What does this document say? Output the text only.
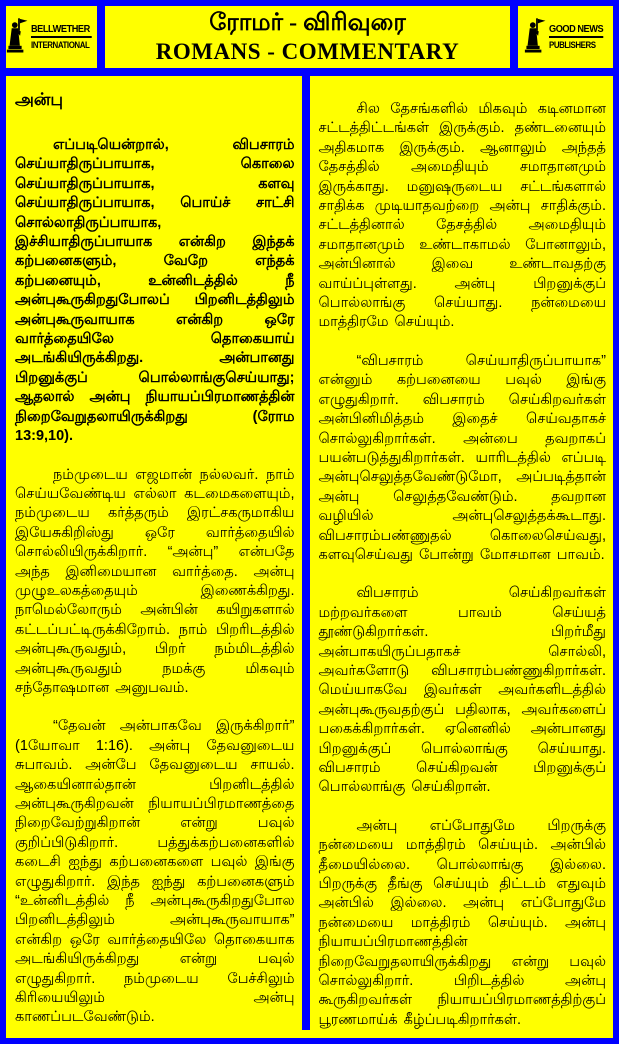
BELLWETHER
INTERNATIONAL
ரோமர் - விரிவுரை
ROMANS - COMMENTARY
GOOD NEWS
PUBLISHERS
அன்பு

எப்படியென்றால், விபசாரம் செய்யாதிருப்பாயாக, கொலை செய்யாதிருப்பாயாக, களவு செய்யாதிருப்பாயாக, பொய்ச் சாட்சி சொல்லாதிருப்பாயாக, இச்சியாதிருப்பாயாக என்கிற இந்தக் கற்பனைகளும், வேறே எந்தக் கற்பனையும், உன்னிடத்தில் நீ அன்புகூருகிறதுபோலப் பிறனிடத்திலும் அன்புகூருவாயாக என்கிற ஒரே வார்த்தையிலே தொகையாய் அடங்கியிருக்கிறது. அன்பானது பிறனுக்குப் பொல்லாங்குசெய்யாது; ஆதலால் அன்பு நியாயப்பிரமாணத்தின் நிறைவேறுதலாயிருக்கிறது (ரோம 13:9,10).

நம்முடைய எஜமான் நல்லவர். நாம் செய்யவேண்டிய எல்லா கடமைகளையும், நம்முடைய கர்த்தரும் இரட்சகருமாகிய இயேசுகிறிஸ்து ஒரே வார்த்தையில் சொல்லியிருக்கிறார். “அன்பு” என்பதே அந்த இனிமையான வார்த்தை. அன்பு முழுஉலகத்தையும் இணைக்கிறது. நாமெல்லோரும் அன்பின் கயிறுகளால் கட்டப்பட்டிருக்கிறோம். நாம் பிறரிடத்தில் அன்புகூருவதும், பிறர் நம்மிடத்தில் அன்புகூருவதும் நமக்கு மிகவும் சந்தோஷமான அனுபவம்.

“தேவன் அன்பாகவே இருக்கிறார்” (1யோவா 1:16). அன்பு தேவனுடைய சுபாவம். அன்பே தேவனுடைய சாயல். ஆகையினால்தான் பிறனிடத்தில் அன்புகூருகிறவன் நியாயப்பிரமாணத்தை நிறைவேற்றுகிறான் என்று பவுல் குறிப்பிடுகிறார். பத்துக்கற்பனைகளில் கடைசி ஐந்து கற்பனைகளை பவுல் இங்கு எழுதுகிறார். இந்த ஐந்து கற்பனைகளும் “உன்னிடத்தில் நீ அன்புகூருகிறதுபோல பிறனிடத்திலும் அன்புகூருவாயாக” என்கிற ஒரே வார்த்தையிலே தொகையாக அடங்கியிருக்கிறது என்று பவுல் எழுதுகிறார். நம்முடைய பேச்சிலும் கிரியையிலும் அன்பு காணப்படவேண்டும்.

சில தேசங்களில் மிகவும் கடினமான சட்டத்திட்டங்கள் இருக்கும். தண்டனையும் அதிகமாக இருக்கும். ஆனாலும் அந்தத் தேசத்தில் அமைதியும் சமாதானமும் இருக்காது. மனுஷருடைய சட்டங்களால் சாதிக்க முடியாதவற்றை அன்பு சாதிக்கும். சட்டத்தினால் தேசத்தில் அமைதியும் சமாதானமும் உண்டாகாமல் போனாலும், அன்பினால் இவை உண்டாவதற்கு வாய்ப்புள்ளது. அன்பு பிறனுக்குப் பொல்லாங்கு செய்யாது. நன்மையை மாத்திரமே செய்யும்.

“விபசாரம் செய்யாதிருப்பாயாக” என்னும் கற்பனையை பவுல் இங்கு எழுதுகிறார். விபசாரம் செய்கிறவர்கள் அன்பினிமித்தம் இதைச் செய்வதாகச் சொல்லுகிறார்கள். அன்பை தவறாகப் பயன்படுத்துகிறார்கள். யாரிடத்தில் எப்படி அன்புசெலுத்தவேண்டுமோ, அப்படித்தான் அன்பு செலுத்தவேண்டும். தவறான வழியில் அன்புசெலுத்தக்கூடாது. விபசாரம்பண்ணுதல் கொலைசெய்வது, களவுசெய்வது போன்று மோசமான பாவம்.

விபசாரம் செய்கிறவர்கள் மற்றவர்களை பாவம் செய்யத் தூண்டுகிறார்கள். பிறர்மீது அன்பாகயிருப்பதாகச் சொல்லி, அவர்களோடு விபசாரம்பண்ணுகிறார்கள். மெய்யாகவே இவர்கள் அவர்களிடத்தில் அன்புகூருவதற்குப் பதிலாக, அவர்களைப் பகைக்கிறார்கள். ஏனெனில் அன்பானது பிறனுக்குப் பொல்லாங்கு செய்யாது. விபசாரம் செய்கிறவன் பிறனுக்குப் பொல்லாங்கு செய்கிறான்.

அன்பு எப்போதுமே பிறருக்கு நன்மையை மாத்திரம் செய்யும். அன்பில் தீமையில்லை. பொல்லாங்கு இல்லை. பிறருக்கு தீங்கு செய்யும் திட்டம் எதுவும் அன்பில் இல்லை. அன்பு எப்போதுமே நன்மையை மாத்திரம் செய்யும். அன்பு நியாயப்பிரமாணத்தின் நிறைவேறுதலாயிருக்கிறது என்று பவுல் சொல்லுகிறார். பிறிடத்தில் அன்பு கூருகிறவர்கள் நியாயப்பிரமாணத்திற்குப் பூரணமாய்க் கீழ்ப்படிகிறார்கள்.
